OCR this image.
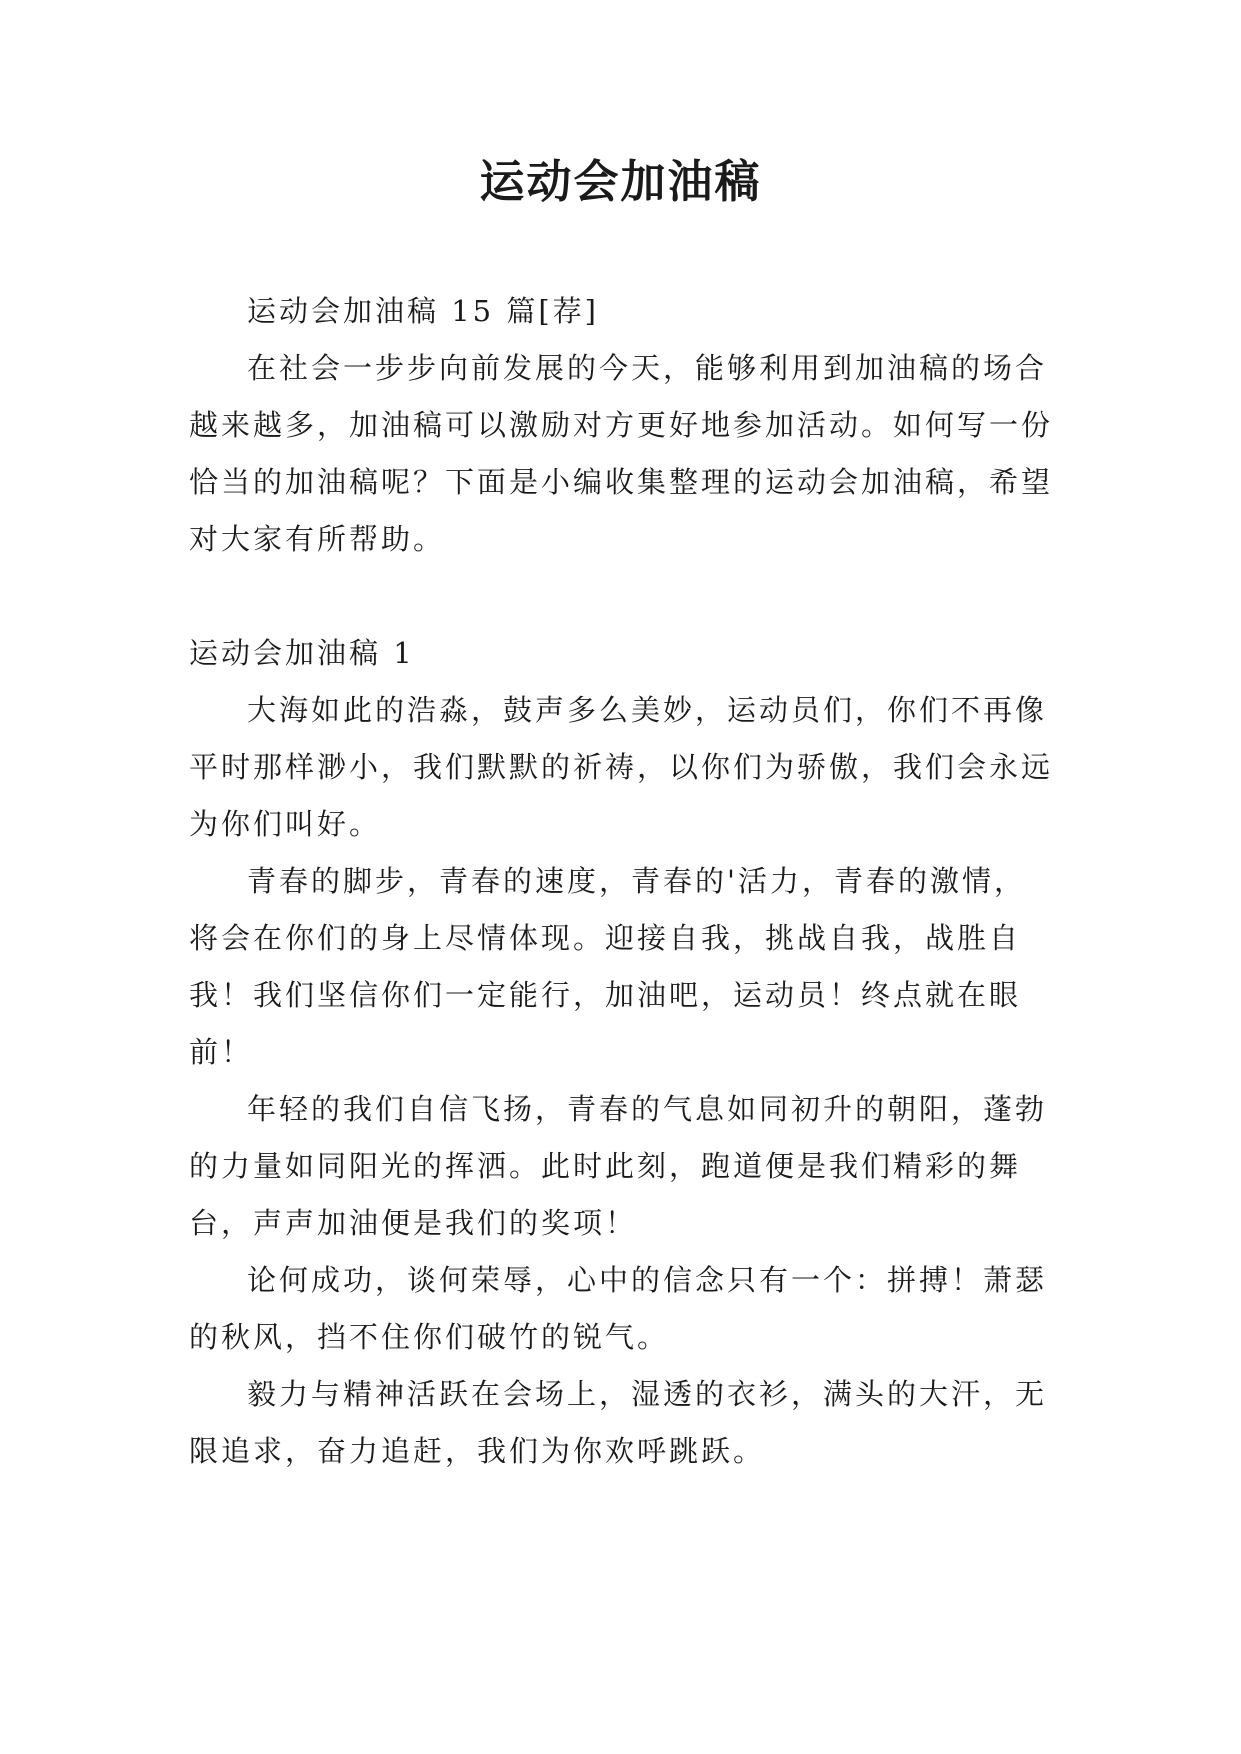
运动会加油稿

运动会加油稿 15 篇[荐]

在社会一步步向前发展的今天，能够利用到加油稿的场合越来越多，加油稿可以激励对方更好地参加活动。如何写一份恰当的加油稿呢？下面是小编收集整理的运动会加油稿，希望对大家有所帮助。

运动会加油稿 1

大海如此的浩淼，鼓声多么美妙，运动员们，你们不再像平时那样渺小，我们默默的祈祷，以你们为骄傲，我们会永远为你们叫好。

青春的脚步，青春的速度，青春的'活力，青春的激情，将会在你们的身上尽情体现。迎接自我，挑战自我，战胜自我！我们坚信你们一定能行，加油吧，运动员！终点就在眼前！

年轻的我们自信飞扬，青春的气息如同初升的朝阳，蓬勃的力量如同阳光的挥洒。此时此刻，跑道便是我们精彩的舞台，声声加油便是我们的奖项！

论何成功，谈何荣辱，心中的信念只有一个：拼搏！萧瑟的秋风，挡不住你们破竹的锐气。

毅力与精神活跃在会场上，湿透的衣衫，满头的大汗，无限追求，奋力追赶，我们为你欢呼跳跃。
